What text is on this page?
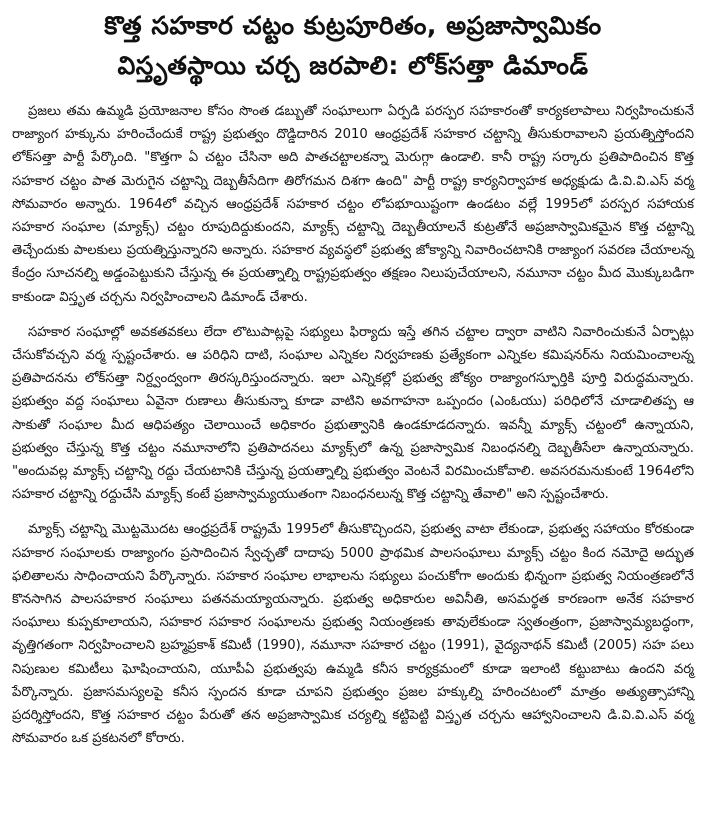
కొత్త సహకార చట్టం కుట్రపూరితం, అప్రజాస్వామికం
విస్తృతస్థాయి చర్చ జరపాలి: లోక్‌సత్తా డిమాండ్

ప్రజలు తమ ఉమ్మడి ప్రయోజనాల కోసం సొంత డబ్బుతో సంఘాలుగా ఏర్పడి పరస్పర సహకారంతో కార్యకలాపాలు నిర్వహించుకునే రాజ్యాంగ హక్కును హరించేందుకే రాష్ట్ర ప్రభుత్వం దొడ్డిదారిన 2010 ఆంధ్రప్రదేశ్ సహకార చట్టాన్ని తీసుకురావాలని ప్రయత్నిస్తోందని లోక్‌సత్తా పార్టీ పేర్కొంది. "కొత్తగా ఏ చట్టం చేసినా అది పాతచట్టాలకన్నా మెరుగ్గా ఉండాలి. కానీ రాష్ట్ర సర్కారు ప్రతిపాదించిన కొత్త సహకార చట్టం పాత మెరుగైన చట్టాన్ని దెబ్బతీసేదిగా తిరోగమన దిశగా ఉంది" పార్టీ రాష్ట్ర కార్యనిర్వాహక అధ్యక్షుడు డి.వి.వి.ఎస్ వర్మ సోమవారం అన్నారు. 1964లో వచ్చిన ఆంధ్రప్రదేశ్ సహకార చట్టం లోపభూయిష్టంగా ఉండటం వల్లే 1995లో పరస్పర సహాయక సహకార సంఘాల (మ్యాక్స్) చట్టం రూపుదిద్దుకుందని, మ్యాక్స్ చట్టాన్ని దెబ్బతీయాలనే కుట్రతోనే అప్రజాస్వామికమైన కొత్త చట్టాన్ని తెచ్చేందుకు పాలకులు ప్రయత్నిస్తున్నారని అన్నారు. సహకార వ్యవస్థలో ప్రభుత్వ జోక్యాన్ని నివారించటానికి రాజ్యాంగ సవరణ చేయాలన్న కేంద్రం సూచనల్ని అడ్డంపెట్టుకుని చేస్తున్న ఈ ప్రయత్నాల్ని రాష్ట్రప్రభుత్వం తక్షణం నిలుపుచేయాలని, నమూనా చట్టం మీద మొక్కుబడిగా కాకుండా విస్తృత చర్చను నిర్వహించాలని డిమాండ్ చేశారు.

సహకార సంఘాల్లో అవకతవకలు లేదా లొటుపాట్లపై సభ్యులు ఫిర్యాదు ఇస్తే తగిన చట్టాల ద్వారా వాటిని నివారించుకునే ఏర్పాట్లు చేసుకోవచ్చని వర్మ స్పష్టంచేశారు. ఆ పరిధిని దాటి, సంఘాల ఎన్నికల నిర్వహణకు ప్రత్యేకంగా ఎన్నికల కమిషనర్‌ను నియమించాలన్న ప్రతిపాదనను లోక్‌సత్తా నిర్ద్వంద్వంగా తిరస్కరిస్తుందన్నారు. ఇలా ఎన్నికల్లో ప్రభుత్వ జోక్యం రాజ్యాంగస్ఫూర్తికి పూర్తి విరుద్ధమన్నారు. ప్రభుత్వం వద్ద సంఘాలు ఏవైనా రుణాలు తీసుకున్నా కూడా వాటిని అవగాహనా ఒప్పందం (ఎంఓయు) పరిధిలోనే చూడాలితప్ప ఆ సాకుతో సంఘాల మీద ఆధిపత్యం చెలాయించే అధికారం ప్రభుత్వానికి ఉండకూడదన్నారు. ఇవన్నీ మ్యాక్స్ చట్టంలో ఉన్నాయని, ప్రభుత్వం చేస్తున్న కొత్త చట్టం నమూనాలోని ప్రతిపాదనలు మ్యాక్స్‌లో ఉన్న ప్రజాస్వామిక నిబంధనల్ని దెబ్బతీసేలా ఉన్నాయన్నారు. "అందువల్ల మ్యాక్స్ చట్టాన్ని రద్దు చేయటానికి చేస్తున్న ప్రయత్నాల్ని ప్రభుత్వం వెంటనే విరమించుకోవాలి. అవసరమనుకుంటే 1964లోని సహకార చట్టాన్ని రద్దుచేసి మ్యాక్స్ కంటే ప్రజాస్వామ్యయుతంగా నిబంధనలున్న కొత్త చట్టాన్ని తేవాలి" అని స్పష్టంచేశారు.

మ్యాక్స్ చట్టాన్ని మొట్టమొదట ఆంధ్రప్రదేశ్ రాష్ట్రమే 1995లో తీసుకొచ్చిందని, ప్రభుత్వ వాటా లేకుండా, ప్రభుత్వ సహాయం కోరకుండా సహకార సంఘాలకు రాజ్యాంగం ప్రసాదించిన స్వేచ్ఛతో దాదాపు 5000 ప్రాథమిక పాలసంఘాలు మ్యాక్స్ చట్టం కింద నమోదై అద్భుత ఫలితాలను సాధించాయని పేర్కొన్నారు. సహకార సంఘాల లాభాలను సభ్యులు పంచుకోగా అందుకు భిన్నంగా ప్రభుత్వ నియంత్రణలోనే కొనసాగిన పాలసహకార సంఘాలు పతనమయ్యాయన్నారు. ప్రభుత్వ అధికారుల అవినీతి, అసమర్థత కారణంగా అనేక సహకార సంఘాలు కుప్పకూలాయని, సహకార సహకార సంఘాలను ప్రభుత్వ నియంత్రణకు తావులేకుండా స్వతంత్రంగా, ప్రజాస్వామ్యబద్ధంగా, వృత్తిగతంగా నిర్వహించాలని బ్రహ్మప్రకాశ్ కమిటీ (1990), నమూనా సహకార చట్టం (1991), వైద్యనాథన్ కమిటీ (2005) సహ పలు నిపుణుల కమిటీలు ఘోషించాయని, యూపీఏ ప్రభుత్వపు ఉమ్మడి కనీస కార్యక్రమంలో కూడా ఇలాంటి కట్టుబాటు ఉందని వర్మ పేర్కొన్నారు. ప్రజాసమస్యలపై కనీస స్పందన కూడా చూపని ప్రభుత్వం ప్రజల హక్కుల్ని హరించటంలో మాత్రం అత్యుత్సాహాన్ని ప్రదర్శిస్తోందని, కొత్త సహకార చట్టం పేరుతో తన అప్రజాస్వామిక చర్యల్ని కట్టిపెట్టి విస్తృత చర్చను ఆహ్వానించాలని డి.వి.వి.ఎస్ వర్మ సోమవారం ఒక ప్రకటనలో కోరారు.
